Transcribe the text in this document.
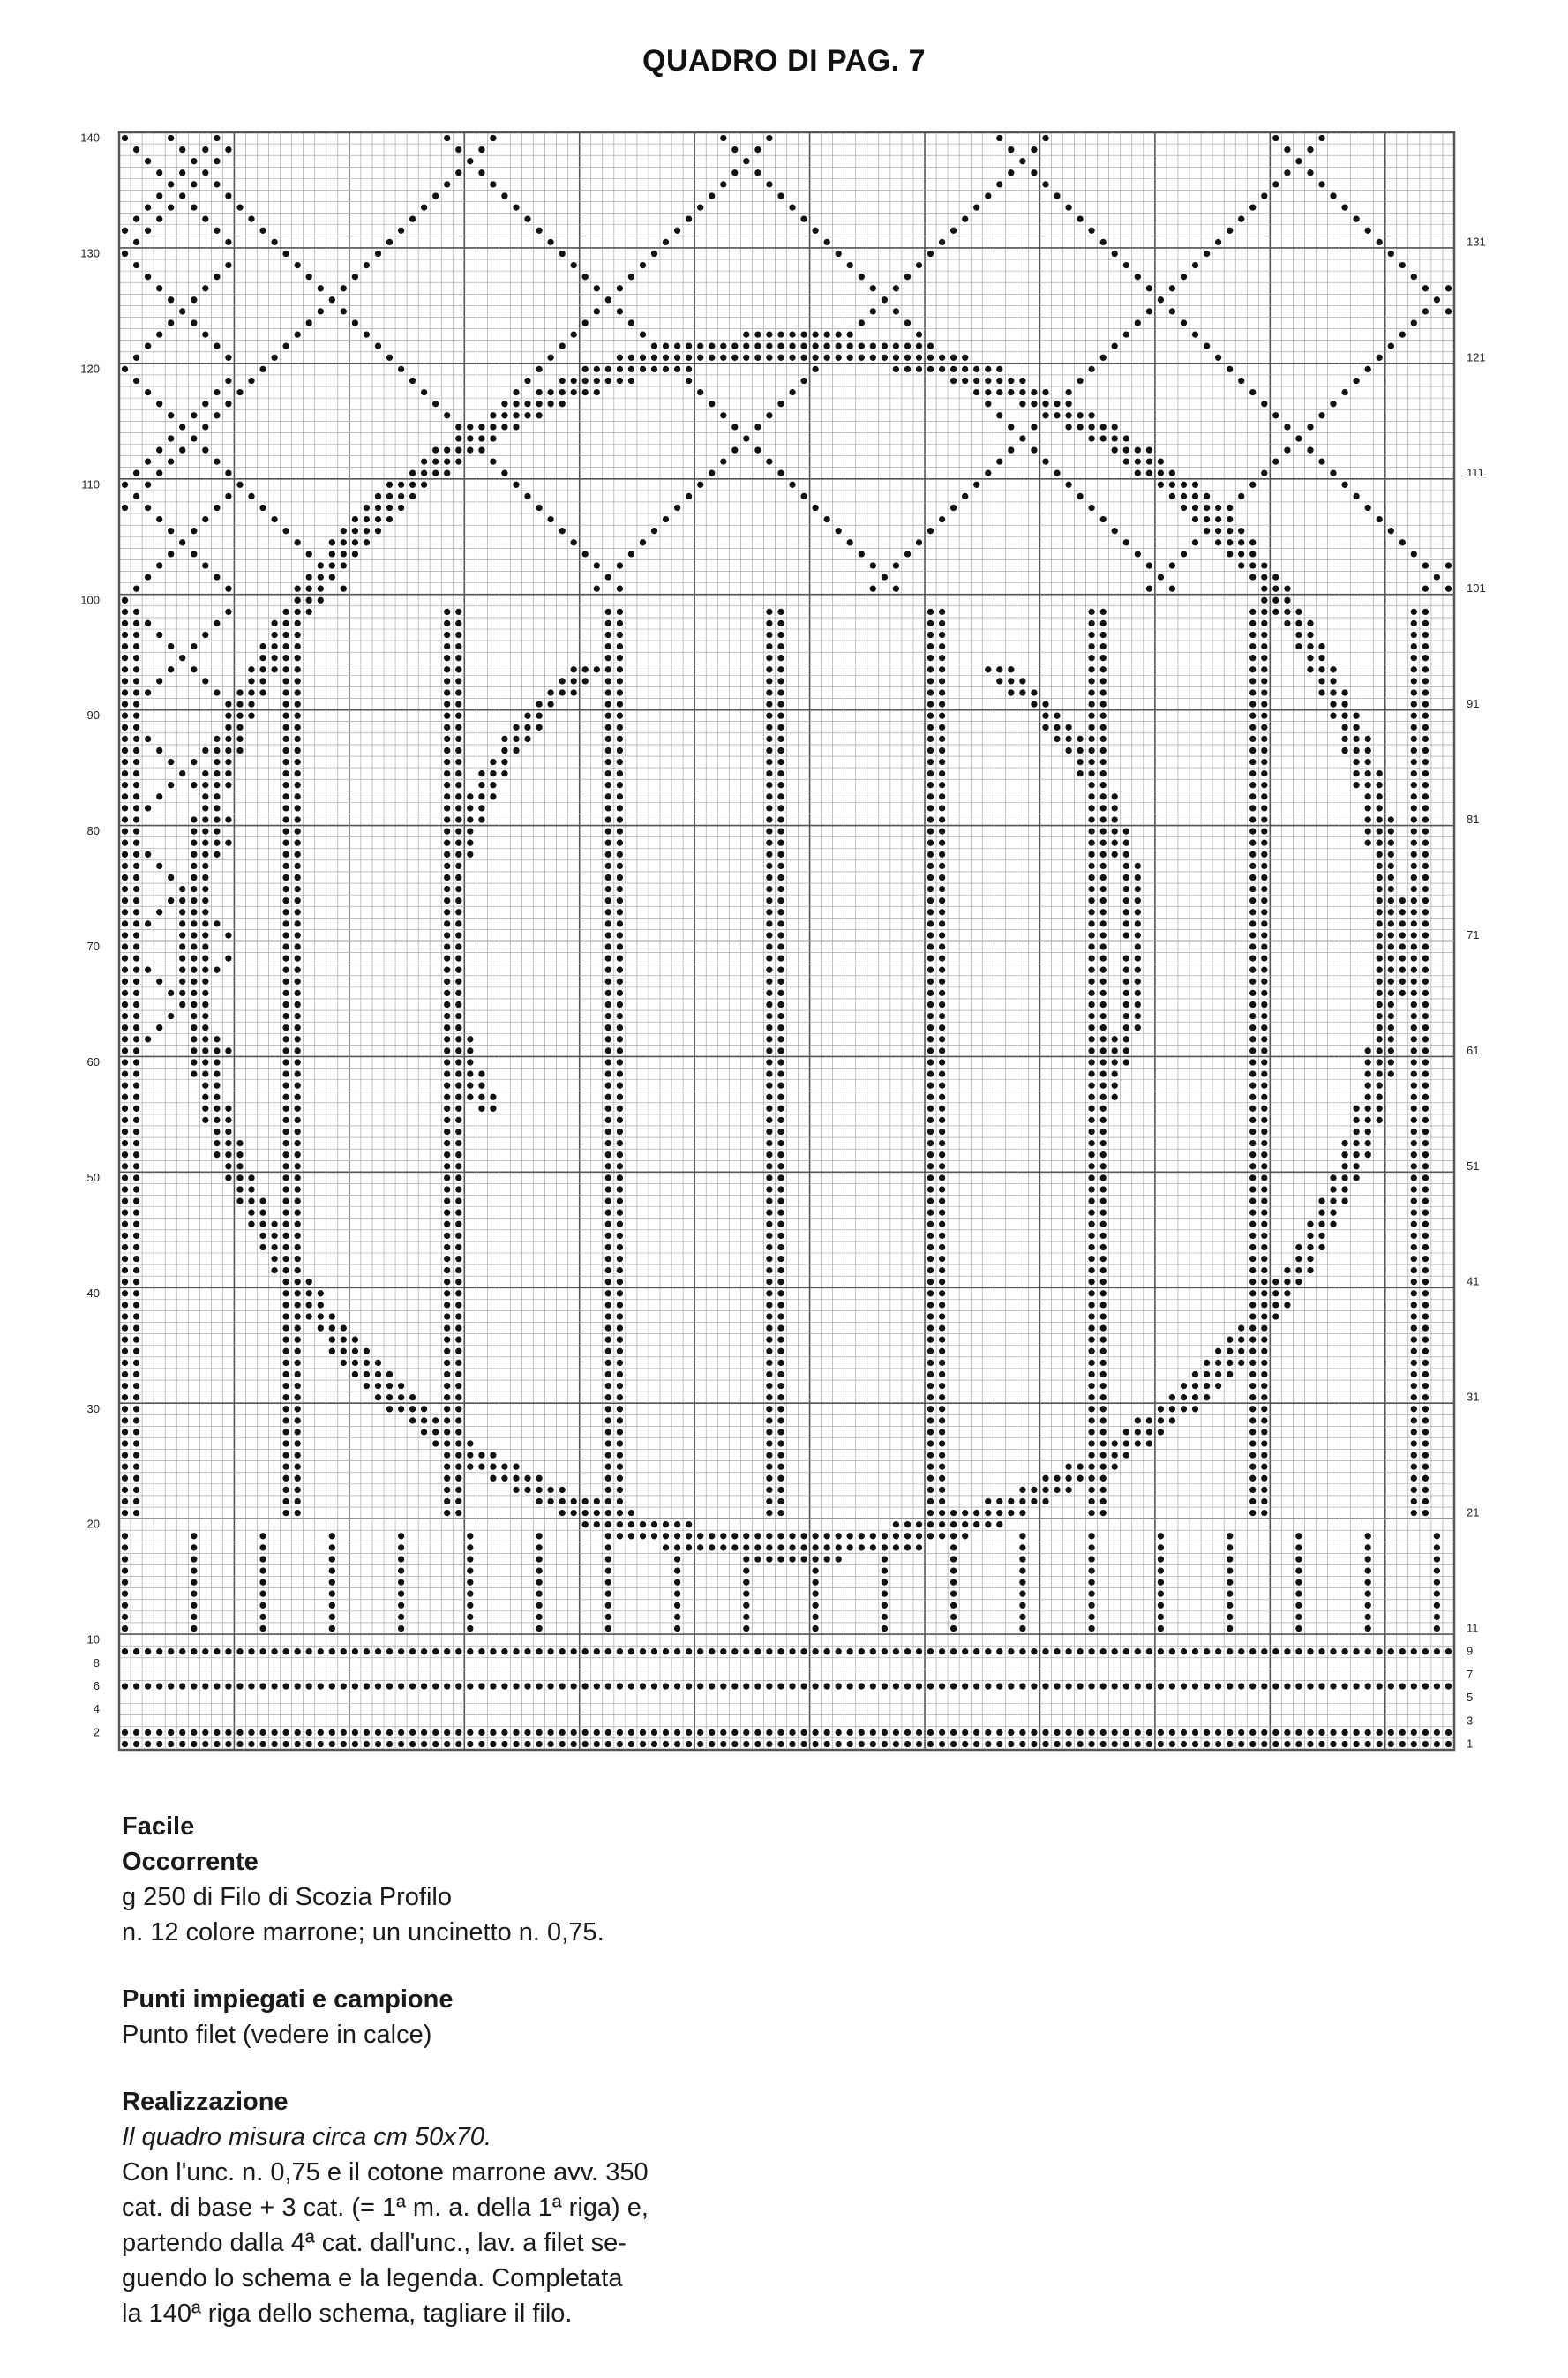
QUADRO DI PAG. 7
140
130
120
110
100
90
80
70
60
50
40
30
20
10
8
6
4
2
131
121
111
101
91
81
71
61
51
41
31
21
11
9
7
5
3
1
Facile
Occorrente
g 250 di Filo di Scozia Profilo
n. 12 colore marrone; un uncinetto n. 0,75.
Punti impiegati e campione
Punto filet (vedere in calce)
Realizzazione
Il quadro misura circa cm 50x70.
Con l'unc. n. 0,75 e il cotone marrone avv. 350
cat. di base + 3 cat. (= 1ª m. a. della 1ª riga) e,
partendo dalla 4ª cat. dall'unc., lav. a filet se-
guendo lo schema e la legenda. Completata
la 140ª riga dello schema, tagliare il filo.
